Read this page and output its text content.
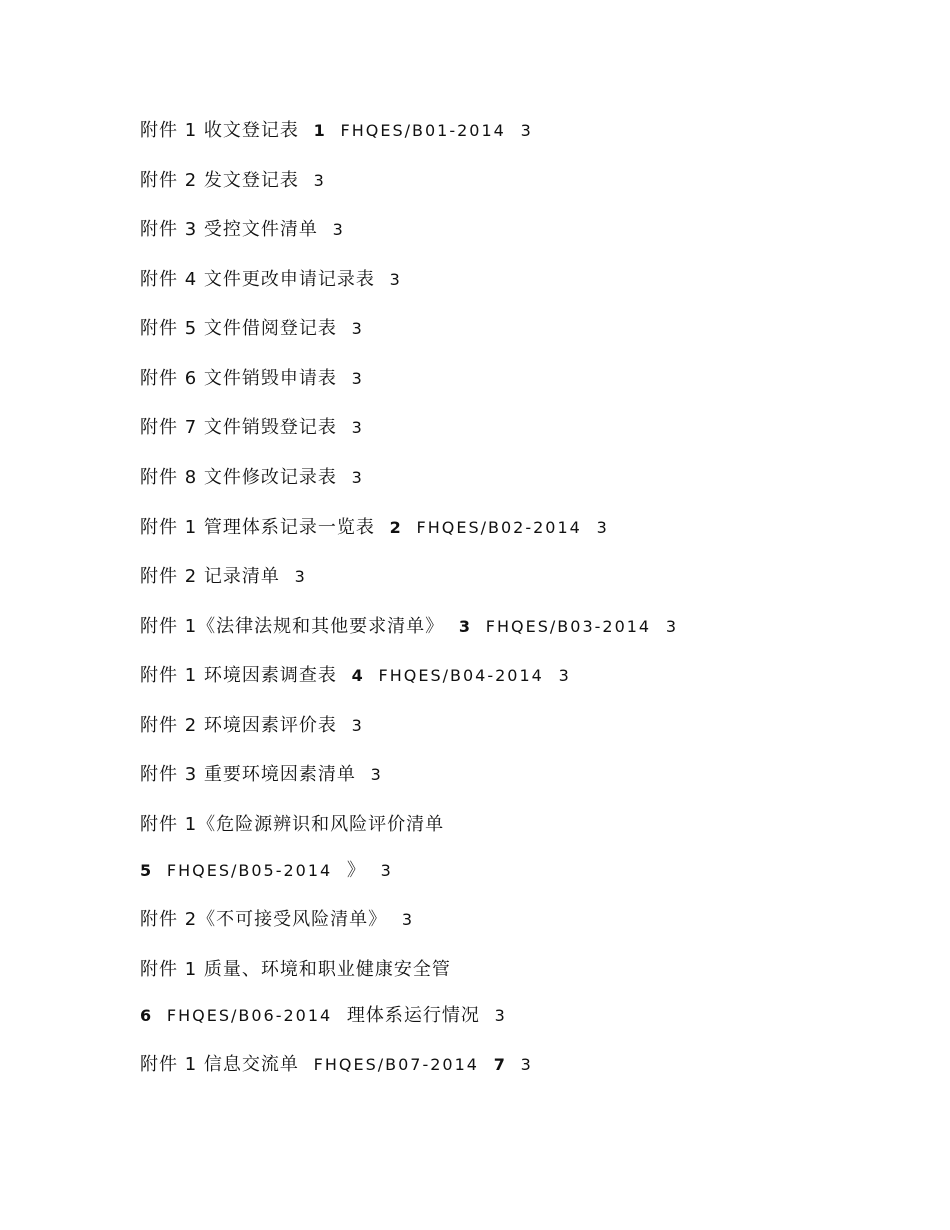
附件 1 收文登记表 1 FHQES/B01-2014 3
附件 2 发文登记表 3
附件 3 受控文件清单 3
附件 4 文件更改申请记录表 3
附件 5 文件借阅登记表 3
附件 6 文件销毁申请表 3
附件 7 文件销毁登记表 3
附件 8 文件修改记录表 3
附件 1 管理体系记录一览表 2 FHQES/B02-2014 3
附件 2 记录清单 3
附件 1《法律法规和其他要求清单》 3 FHQES/B03-2014 3
附件 1 环境因素调查表 4 FHQES/B04-2014 3
附件 2 环境因素评价表 3
附件 3 重要环境因素清单 3
附件 1《危险源辨识和风险评价清单
5 FHQES/B05-2014 》 3
附件 2《不可接受风险清单》 3
附件 1 质量、环境和职业健康安全管
6 FHQES/B06-2014 理体系运行情况 3
附件 1 信息交流单 FHQES/B07-2014 7 3
